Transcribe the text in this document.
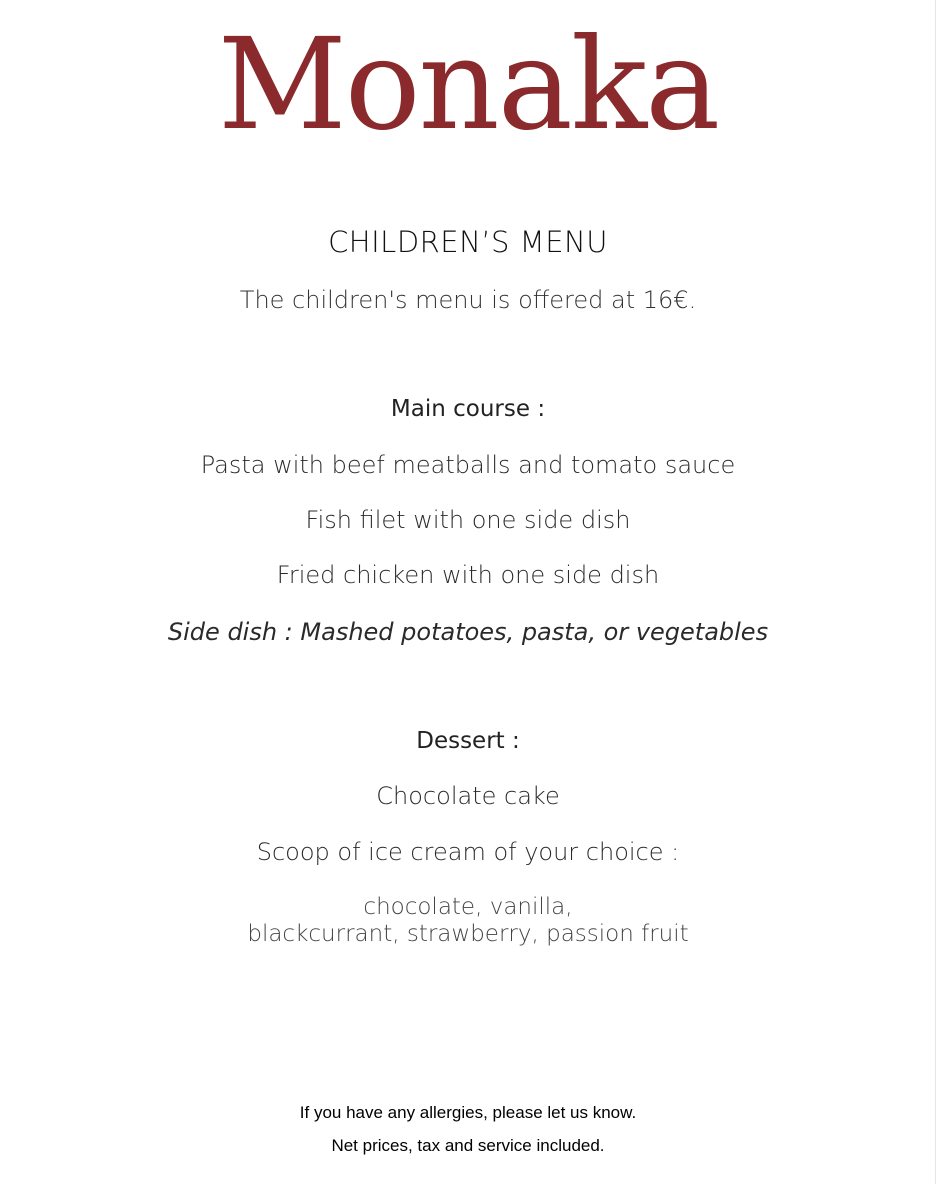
Monaka
CHILDREN’S MENU
The children's menu is offered at 16€.
Main course :
Pasta with beef meatballs and tomato sauce
Fish filet with one side dish
Fried chicken with one side dish
Side dish : Mashed potatoes, pasta, or vegetables
Dessert :
Chocolate cake
Scoop of ice cream of your choice :
chocolate, vanilla,
blackcurrant, strawberry, passion fruit
If you have any allergies, please let us know.
Net prices, tax and service included.
